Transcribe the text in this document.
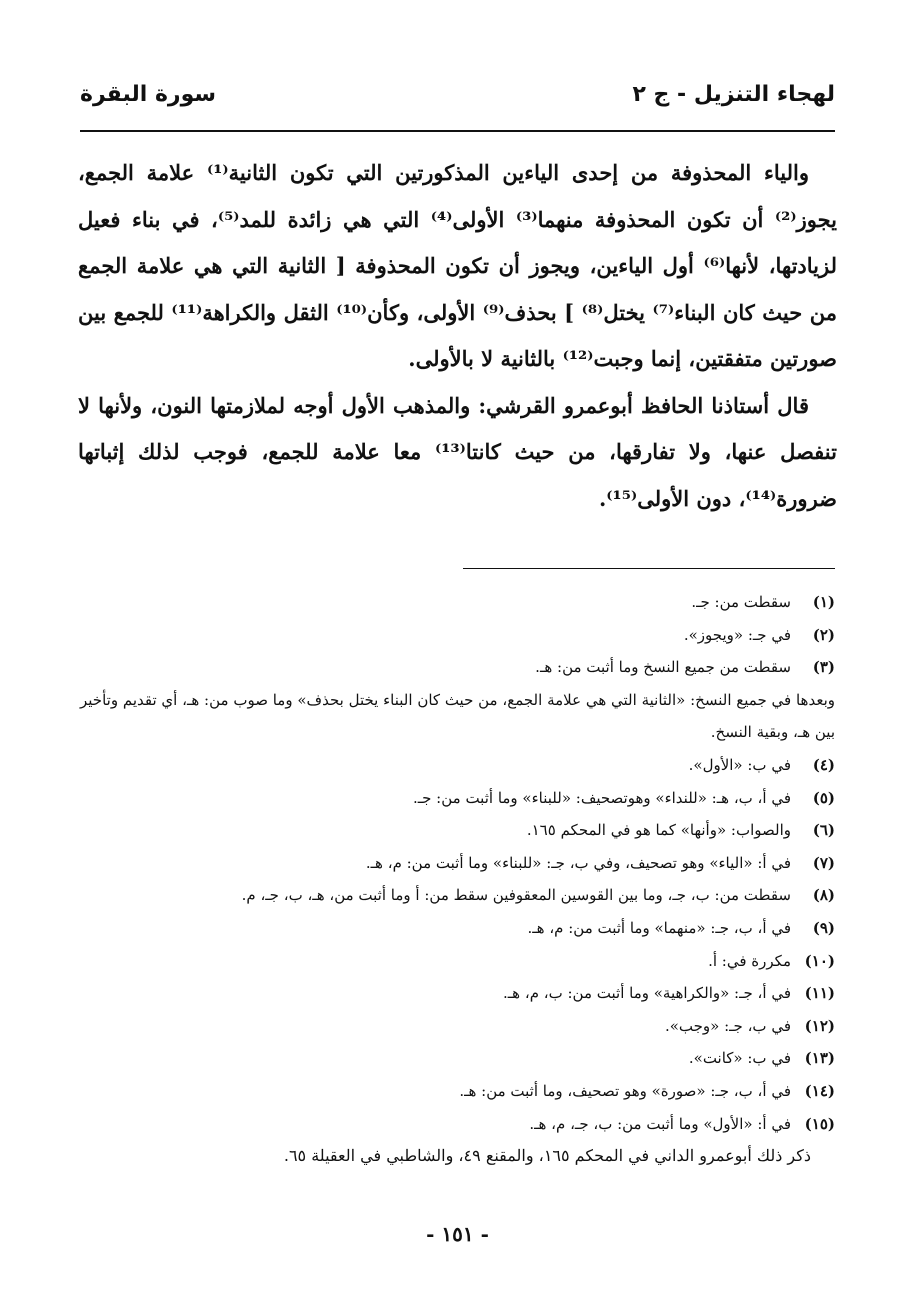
لهجاء التنزيل - ج ٢
سورة البقرة

والياء المحذوفة من إحدى الياءين المذكورتين التي تكون الثانية⁽¹⁾ علامة الجمع، يجوز⁽²⁾ أن تكون المحذوفة منهما⁽³⁾ الأولى⁽⁴⁾ التي هي زائدة للمد⁽⁵⁾، في بناء فعيل لزيادتها، لأنها⁽⁶⁾ أول الياءين، ويجوز أن تكون المحذوفة [ الثانية التي هي علامة الجمع من حيث كان البناء⁽⁷⁾ يختل⁽⁸⁾ ] بحذف⁽⁹⁾ الأولى، وكأن⁽¹⁰⁾ الثقل والكراهة⁽¹¹⁾ للجمع بين صورتين متفقتين، إنما وجبت⁽¹²⁾ بالثانية لا بالأولى.

قال أستاذنا الحافظ أبوعمرو القرشي: والمذهب الأول أوجه لملازمتها النون، ولأنها لا تنفصل عنها، ولا تفارقها، من حيث كانتا⁽¹³⁾ معا علامة للجمع، فوجب لذلك إثباتها ضرورة⁽¹⁴⁾، دون الأولى⁽¹⁵⁾.

(١)سقطت من: جـ.
(٢)في جـ: «ويجوز».
(٣)سقطت من جميع النسخ وما أثبت من: هـ.
وبعدها في جميع النسخ: «الثانية التي هي علامة الجمع، من حيث كان البناء يختل بحذف» وما صوب من: هـ، أي تقديم وتأخير بين هـ، وبقية النسخ.
(٤)في ب: «الأول».
(٥)في أ، ب، هـ: «للنداء» وهوتصحيف: «للبناء» وما أثبت من: جـ.
(٦)والصواب: «وأنها» كما هو في المحكم ١٦٥.
(٧)في أ: «الياء» وهو تصحيف، وفي ب، جـ: «للبناء» وما أثبت من: م، هـ.
(٨)سقطت من: ب، جـ، وما بين القوسين المعقوفين سقط من: أ وما أثبت من، هـ، ب، جـ، م.
(٩)في أ، ب، جـ: «منهما» وما أثبت من: م، هـ.
(١٠)مكررة في: أ.
(١١)في أ، جـ: «والكراهية» وما أثبت من: ب، م، هـ.
(١٢)في ب، جـ: «وجب».
(١٣)في ب: «كانت».
(١٤)في أ، ب، جـ: «صورة» وهو تصحيف، وما أثبت من: هـ.
(١٥)في أ: «الأول» وما أثبت من: ب، جـ، م، هـ.
ذكر ذلك أبوعمرو الداني في المحكم ١٦٥، والمقنع ٤٩، والشاطبي في العقيلة ٦٥.
- ١٥١ -
